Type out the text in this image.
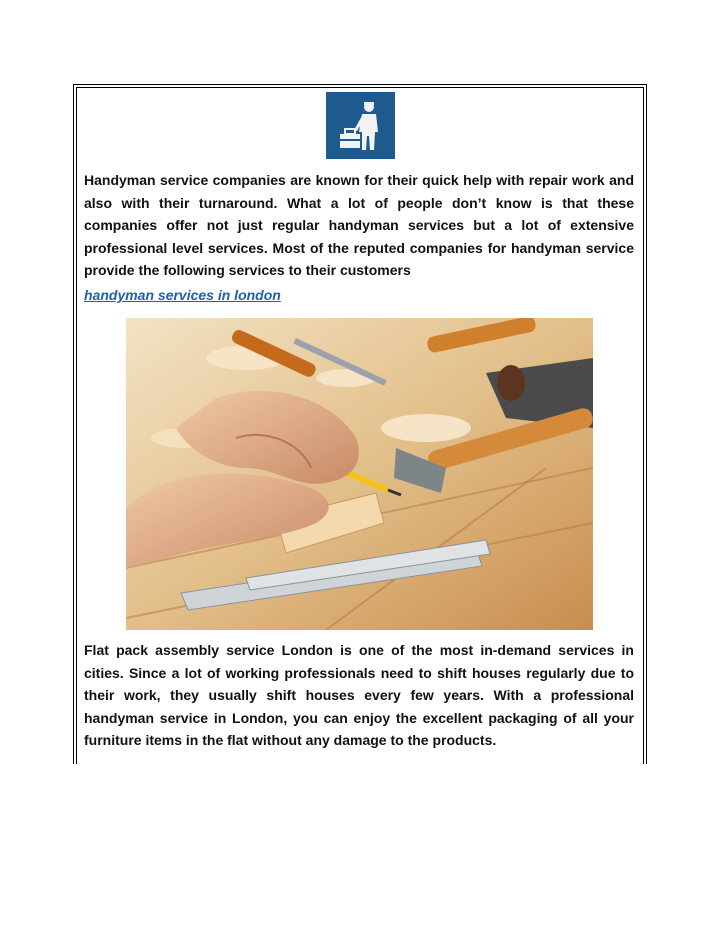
Handyman service companies are known for their quick help with repair work and also with their turnaround. What a lot of people don’t know is that these companies offer not just regular handyman services but a lot of extensive professional level services. Most of the reputed companies for handyman service provide the following services to their customers

handyman services in london

Flat pack assembly service London is one of the most in-demand services in cities. Since a lot of working professionals need to shift houses regularly due to their work, they usually shift houses every few years. With a professional handyman service in London, you can enjoy the excellent packaging of all your furniture items in the flat without any damage to the products.
